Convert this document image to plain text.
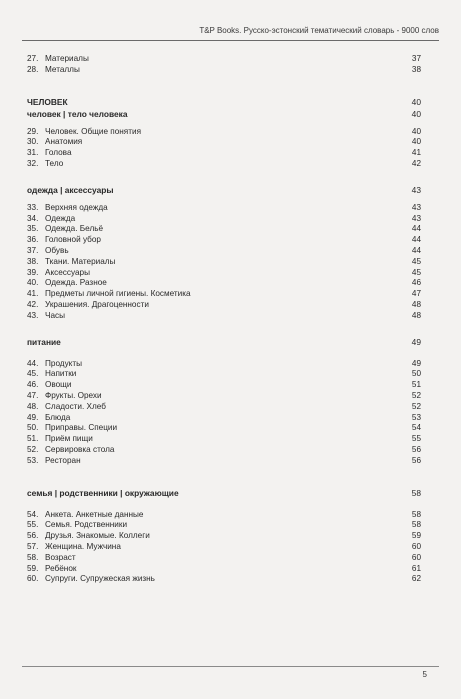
T&P Books. Русско-эстонский тематический словарь - 9000 слов
27. Материалы	37
28. Металлы	38
ЧЕЛОВЕК	40
человек | тело человека	40
29. Человек. Общие понятия	40
30. Анатомия	40
31. Голова	41
32. Тело	42
одежда | аксессуары	43
33. Верхняя одежда	43
34. Одежда	43
35. Одежда. Бельё	44
36. Головной убор	44
37. Обувь	44
38. Ткани. Материалы	45
39. Аксессуары	45
40. Одежда. Разное	46
41. Предметы личной гигиены. Косметика	47
42. Украшения. Драгоценности	48
43. Часы	48
питание	49
44. Продукты	49
45. Напитки	50
46. Овощи	51
47. Фрукты. Орехи	52
48. Сладости. Хлеб	52
49. Блюда	53
50. Приправы. Специи	54
51. Приём пищи	55
52. Сервировка стола	56
53. Ресторан	56
семья | родственники | окружающие	58
54. Анкета. Анкетные данные	58
55. Семья. Родственники	58
56. Друзья. Знакомые. Коллеги	59
57. Женщина. Мужчина	60
58. Возраст	60
59. Ребёнок	61
60. Супруги. Супружеская жизнь	62
5
